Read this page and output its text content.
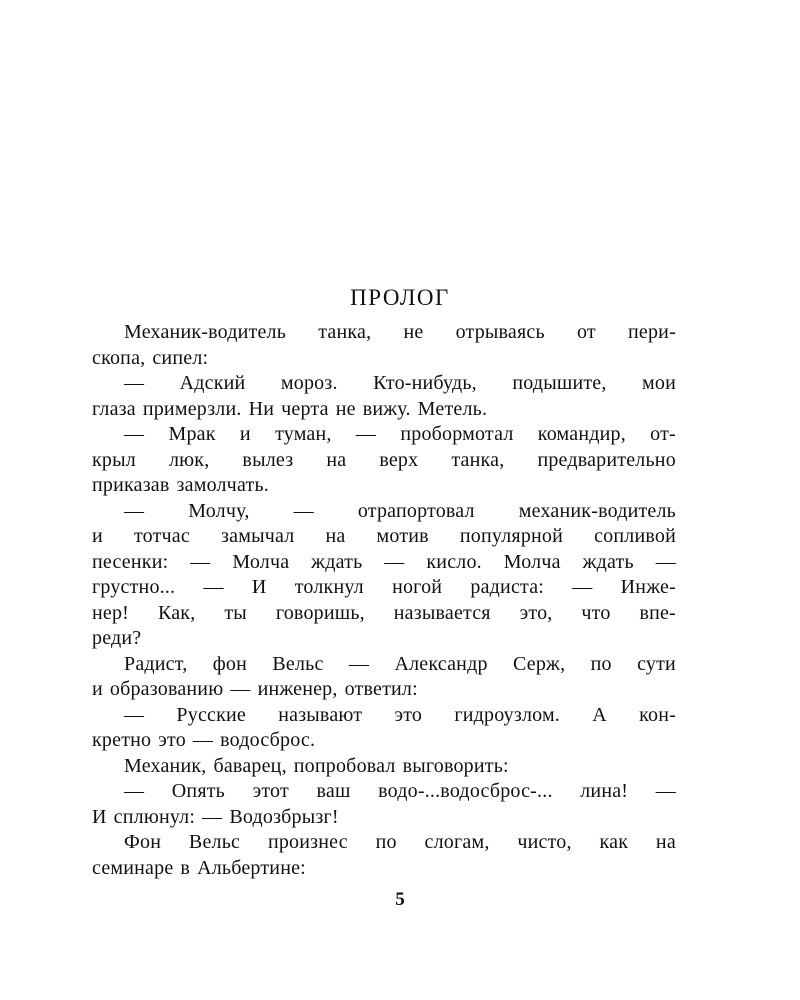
ПРОЛОГ
Механик-водитель танка, не отрываясь от пери-
скопа, сипел:
— Адский мороз. Кто-нибудь, подышите, мои
глаза примерзли. Ни черта не вижу. Метель.
— Мрак и туман, — пробормотал командир, от-
крыл люк, вылез на верх танка, предварительно
приказав замолчать.
— Молчу, — отрапортовал механик-водитель
и тотчас замычал на мотив популярной сопливой
песенки: — Молча ждать — кисло. Молча ждать —
грустно... — И толкнул ногой радиста: — Инже-
нер! Как, ты говоришь, называется это, что впе-
реди?
Радист, фон Вельс — Александр Серж, по сути
и образованию — инженер, ответил:
— Русские называют это гидроузлом. А кон-
кретно это — водосброс.
Механик, баварец, попробовал выговорить:
— Опять этот ваш водо-...водосброс-... лина! —
И сплюнул: — Водозбрызг!
Фон Вельс произнес по слогам, чисто, как на
семинаре в Альбертине:
5
